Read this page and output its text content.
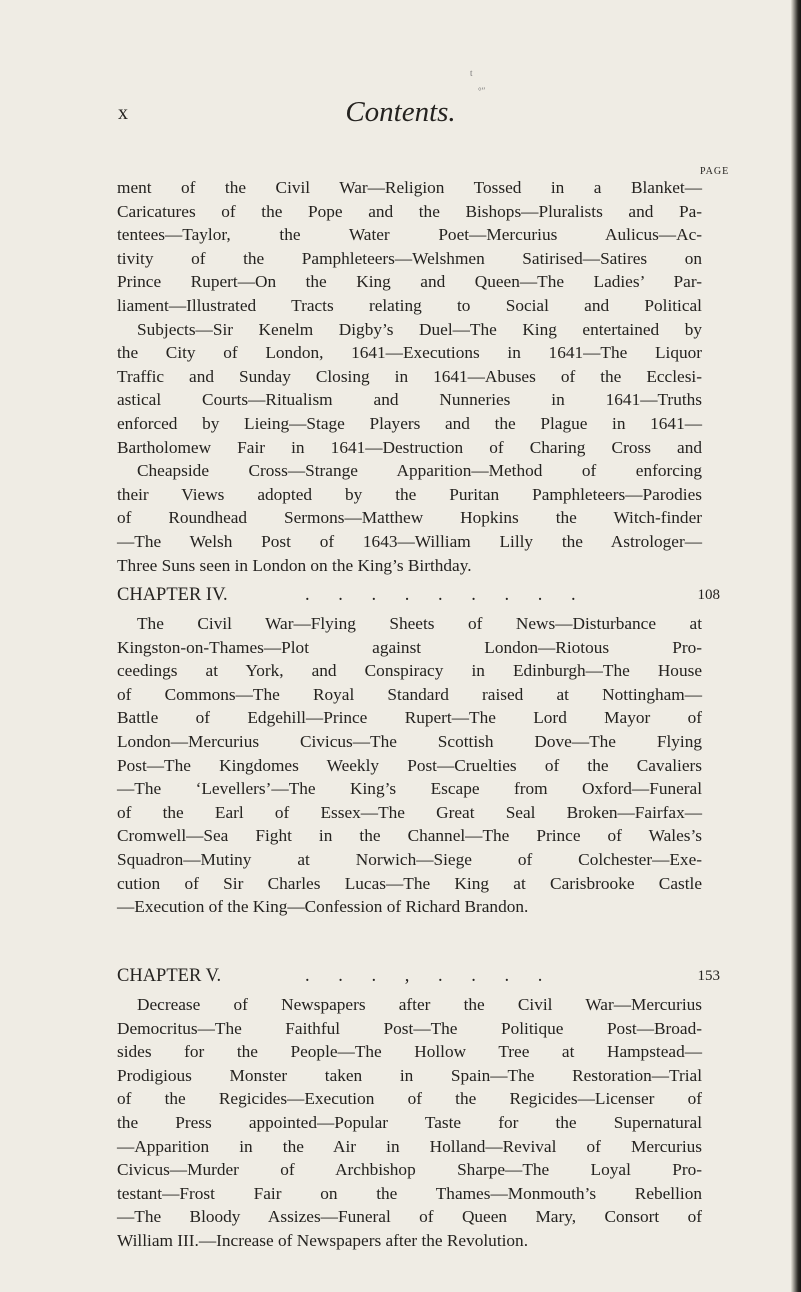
t
°″
x	Contents.
PAGE
ment of the Civil War—Religion Tossed in a Blanket—
Caricatures of the Pope and the Bishops—Pluralists and Pa-
tentees—Taylor, the Water Poet—Mercurius Aulicus—Ac-
tivity of the Pamphleteers—Welshmen Satirised—Satires on
Prince Rupert—On the King and Queen—The Ladies’ Par-
liament—Illustrated Tracts relating to Social and Political
Subjects—Sir Kenelm Digby’s Duel—The King entertained by
the City of London, 1641—Executions in 1641—The Liquor
Traffic and Sunday Closing in 1641—Abuses of the Ecclesi-
astical Courts—Ritualism and Nunneries in 1641—Truths
enforced by Lieing—Stage Players and the Plague in 1641—
Bartholomew Fair in 1641—Destruction of Charing Cross and
Cheapside Cross—Strange Apparition—Method of enforcing
their Views adopted by the Puritan Pamphleteers—Parodies
of Roundhead Sermons—Matthew Hopkins the Witch-finder
—The Welsh Post of 1643—William Lilly the Astrologer—
Three Suns seen in London on the King’s Birthday.
CHAPTER IV.	. . . . . . . . .	108
The Civil War—Flying Sheets of News—Disturbance at
Kingston-on-Thames—Plot against London—Riotous Pro-
ceedings at York, and Conspiracy in Edinburgh—The House
of Commons—The Royal Standard raised at Nottingham—
Battle of Edgehill—Prince Rupert—The Lord Mayor of
London—Mercurius Civicus—The Scottish Dove—The Flying
Post—The Kingdomes Weekly Post—Cruelties of the Cavaliers
—The ‘Levellers’—The King’s Escape from Oxford—Funeral
of the Earl of Essex—The Great Seal Broken—Fairfax—
Cromwell—Sea Fight in the Channel—The Prince of Wales’s
Squadron—Mutiny at Norwich—Siege of Colchester—Exe-
cution of Sir Charles Lucas—The King at Carisbrooke Castle
—Execution of the King—Confession of Richard Brandon.
CHAPTER V.	. . . , . . . .	153
Decrease of Newspapers after the Civil War—Mercurius
Democritus—The Faithful Post—The Politique Post—Broad-
sides for the People—The Hollow Tree at Hampstead—
Prodigious Monster taken in Spain—The Restoration—Trial
of the Regicides—Execution of the Regicides—Licenser of
the Press appointed—Popular Taste for the Supernatural
—Apparition in the Air in Holland—Revival of Mercurius
Civicus—Murder of Archbishop Sharpe—The Loyal Pro-
testant—Frost Fair on the Thames—Monmouth’s Rebellion
—The Bloody Assizes—Funeral of Queen Mary, Consort of
William III.—Increase of Newspapers after the Revolution.
